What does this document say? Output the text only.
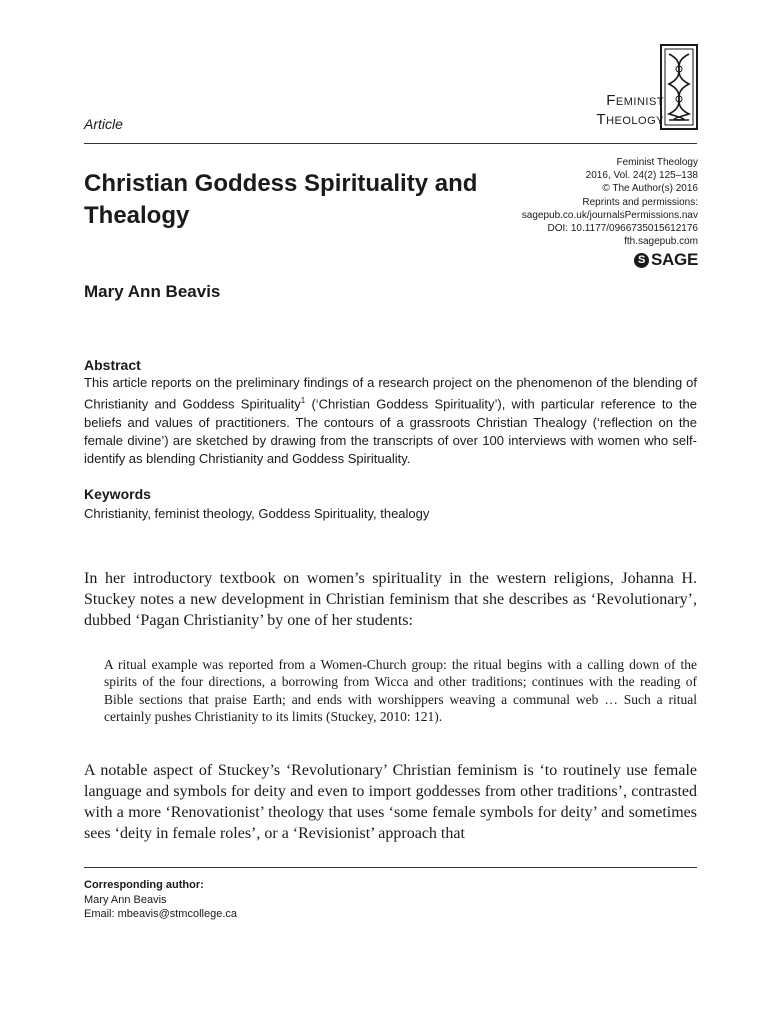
Article
Feminist
Theology
Christian Goddess Spirituality and Thealogy
Feminist Theology
2016, Vol. 24(2) 125–138
© The Author(s) 2016
Reprints and permissions:
sagepub.co.uk/journalsPermissions.nav
DOI: 10.1177/0966735015612176
fth.sagepub.com
S SAGE
Mary Ann Beavis
Abstract
This article reports on the preliminary findings of a research project on the phenomenon of the blending of Christianity and Goddess Spirituality$^1$ (‘Christian Goddess Spirituality’), with particular reference to the beliefs and values of practitioners. The contours of a grassroots Christian Thealogy (‘reflection on the female divine’) are sketched by drawing from the transcripts of over 100 interviews with women who self-identify as blending Christianity and Goddess Spirituality.
Keywords
Christianity, feminist theology, Goddess Spirituality, thealogy
In her introductory textbook on women’s spirituality in the western religions, Johanna H. Stuckey notes a new development in Christian feminism that she describes as ‘Revolutionary’, dubbed ‘Pagan Christianity’ by one of her students:
A ritual example was reported from a Women-Church group: the ritual begins with a calling down of the spirits of the four directions, a borrowing from Wicca and other traditions; continues with the reading of Bible sections that praise Earth; and ends with worshippers weaving a communal web … Such a ritual certainly pushes Christianity to its limits (Stuckey, 2010: 121).
A notable aspect of Stuckey’s ‘Revolutionary’ Christian feminism is ‘to routinely use female language and symbols for deity and even to import goddesses from other traditions’, contrasted with a more ‘Renovationist’ theology that uses ‘some female symbols for deity’ and sometimes sees ‘deity in female roles’, or a ‘Revisionist’ approach that
Corresponding author:
Mary Ann Beavis
Email: mbeavis@stmcollege.ca
